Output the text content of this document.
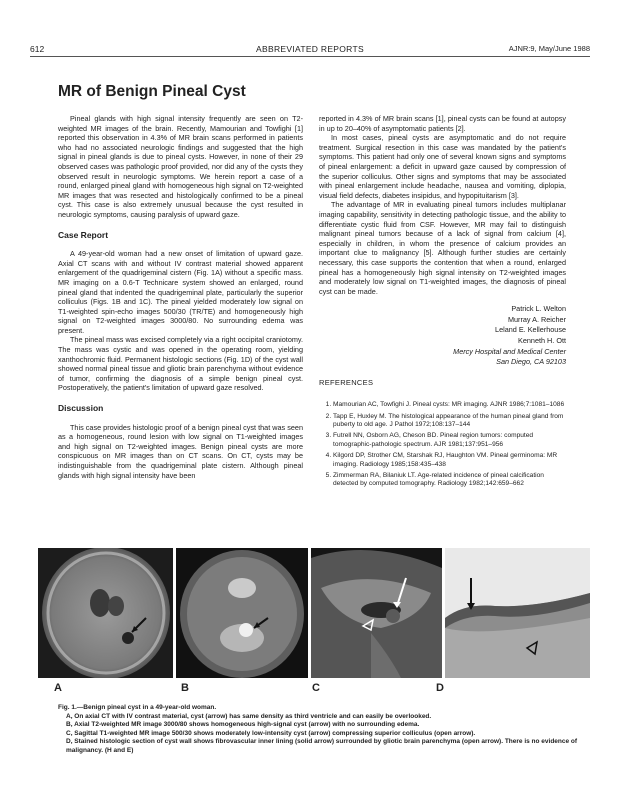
612	ABBREVIATED REPORTS	AJNR:9, May/June 1988
MR of Benign Pineal Cyst

Pineal glands with high signal intensity frequently are seen on T2-weighted MR images of the brain. Recently, Mamourian and Towfighi [1] reported this observation in 4.3% of MR brain scans performed in patients who had no associated neurologic findings and suggested that the high signal in pineal glands is due to pineal cysts. However, in none of their 29 observed cases was pathologic proof provided, nor did any of the cysts they observed result in neurologic symptoms. We herein report a case of a round, enlarged pineal gland with homogeneous high signal on T2-weighted MR images that was resected and histologically confirmed to be a pineal cyst. This case is also extremely unusual because the cyst resulted in neurologic symptoms, causing paralysis of upward gaze.

Case Report

A 49-year-old woman had a new onset of limitation of upward gaze. Axial CT scans with and without IV contrast material showed apparent enlargement of the quadrigeminal cistern (Fig. 1A) without a specific mass. MR imaging on a 0.6-T Technicare system showed an enlarged, round pineal gland that indented the quadrigeminal plate, particularly the superior colliculus (Figs. 1B and 1C). The pineal yielded moderately low signal on T1-weighted spin-echo images 500/30 (TR/TE) and homogeneously high signal on T2-weighted images 3000/80. No surrounding edema was present.

The pineal mass was excised completely via a right occipital craniotomy. The mass was cystic and was opened in the operating room, yielding xanthochromic fluid. Permanent histologic sections (Fig. 1D) of the cyst wall showed normal pineal tissue and gliotic brain parenchyma without evidence of tumor, confirming the diagnosis of a simple benign pineal cyst. Postoperatively, the patient's limitation of upward gaze resolved.

Discussion

This case provides histologic proof of a benign pineal cyst that was seen as a homogeneous, round lesion with low signal on T1-weighted images and high signal on T2-weighted images. Benign pineal cysts are more conspicuous on MR images than on CT scans. On CT, cysts may be indistinguishable from the quadrigeminal plate cistern. Although pineal glands with high signal intensity have been

reported in 4.3% of MR brain scans [1], pineal cysts can be found at autopsy in up to 20–40% of asymptomatic patients [2].

In most cases, pineal cysts are asymptomatic and do not require treatment. Surgical resection in this case was mandated by the patient's symptoms. This patient had only one of several known signs and symptoms of pineal enlargement: a deficit in upward gaze caused by compression of the superior colliculus. Other signs and symptoms that may be associated with pineal enlargement include headache, nausea and vomiting, diplopia, visual field defects, diabetes insipidus, and hypopituitarism [3].

The advantage of MR in evaluating pineal tumors includes multiplanar imaging capability, sensitivity in detecting pathologic tissue, and the ability to differentiate cystic fluid from CSF. However, MR may fail to distinguish malignant pineal tumors because of a lack of signal from calcium [4], especially in children, in whom the presence of calcium provides an important clue to malignancy [5]. Although further studies are certainly necessary, this case supports the contention that when a round, enlarged pineal has a homogeneously high signal intensity on T2-weighted images and moderately low signal on T1-weighted images, the diagnosis of pineal cyst can be made.

Patrick L. Welton
Murray A. Reicher
Leland E. Kellerhouse
Kenneth H. Ott
Mercy Hospital and Medical Center
San Diego, CA 92103
REFERENCES
1. Mamourian AC, Towfighi J. Pineal cysts: MR imaging. AJNR 1986;7:1081–1086
2. Tapp E, Huxley M. The histological appearance of the human pineal gland from puberty to old age. J Pathol 1972;108:137–144
3. Futrell NN, Osborn AG, Cheson BD. Pineal region tumors: computed tomographic-pathologic spectrum. AJR 1981;137:951–956
4. Kilgord DP, Strother CM, Starshak RJ, Haughton VM. Pineal germinoma: MR imaging. Radiology 1985;158:435–438
5. Zimmerman RA, Bilaniuk LT. Age-related incidence of pineal calcification detected by computed tomography. Radiology 1982;142:659–662
A	B	C	D
Fig. 1.—Benign pineal cyst in a 49-year-old woman.
A, On axial CT with IV contrast material, cyst (arrow) has same density as third ventricle and can easily be overlooked.
B, Axial T2-weighted MR image 3000/80 shows homogeneous high-signal cyst (arrow) with no surrounding edema.
C, Sagittal T1-weighted MR image 500/30 shows moderately low-intensity cyst (arrow) compressing superior colliculus (open arrow).
D, Stained histologic section of cyst wall shows fibrovascular inner lining (solid arrow) surrounded by gliotic brain parenchyma (open arrow). There is no evidence of malignancy. (H and E)
